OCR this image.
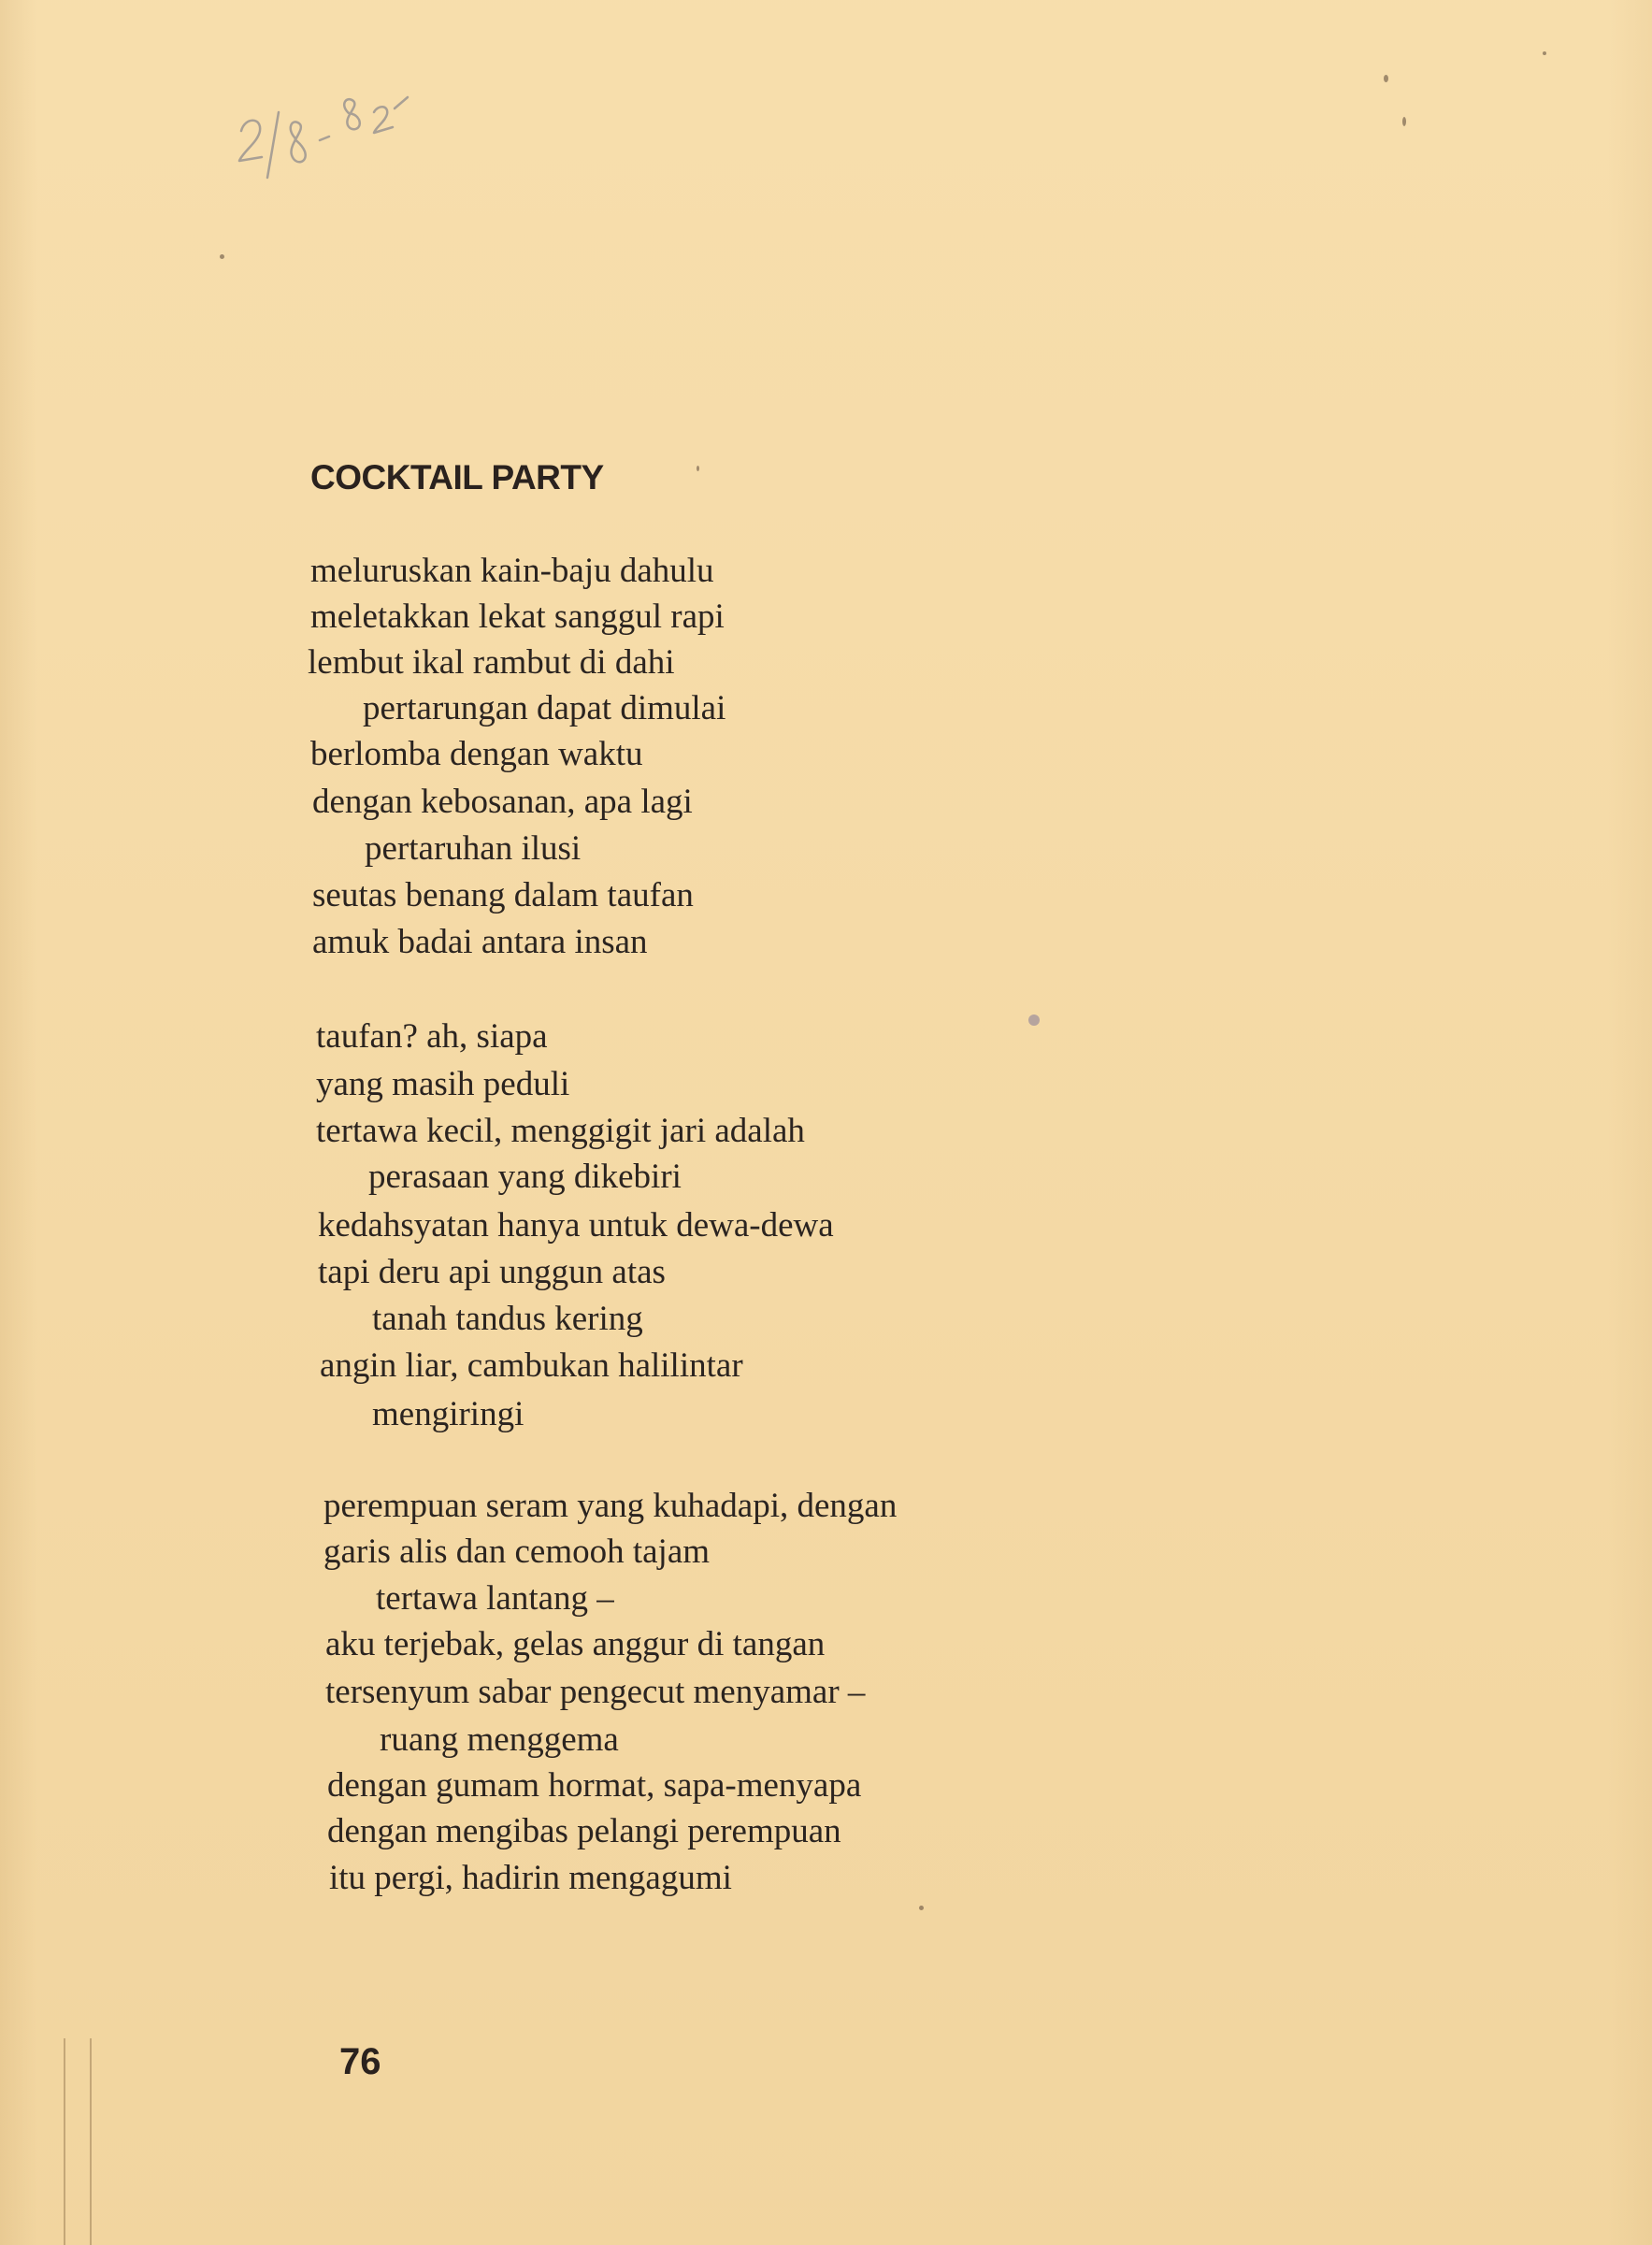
COCKTAIL PARTY
meluruskan kain-baju dahulu
meletakkan lekat sanggul rapi
lembut ikal rambut di dahi
pertarungan dapat dimulai
berlomba dengan waktu
dengan kebosanan, apa lagi
pertaruhan ilusi
seutas benang dalam taufan
amuk badai antara insan
taufan? ah, siapa
yang masih peduli
tertawa kecil, menggigit jari adalah
perasaan yang dikebiri
kedahsyatan hanya untuk dewa-dewa
tapi deru api unggun atas
tanah tandus kering
angin liar, cambukan halilintar
mengiringi
perempuan seram yang kuhadapi, dengan
garis alis dan cemooh tajam
tertawa lantang –
aku terjebak, gelas anggur di tangan
tersenyum sabar pengecut menyamar –
ruang menggema
dengan gumam hormat, sapa-menyapa
dengan mengibas pelangi perempuan
itu pergi, hadirin mengagumi
76
